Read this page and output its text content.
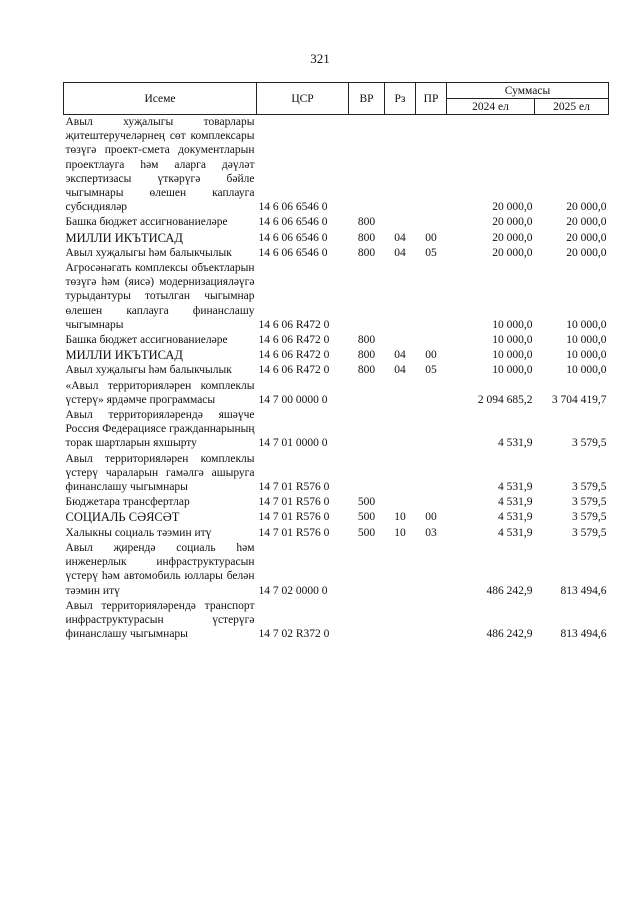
321
Исеме	ЦСР	ВР	Рз	ПР	Суммасы	
					2024 ел	2025 ел
Авыл хуҗалыгы товарлары җитештеручеләрнең сөт комплексары төзүгә проект-смета документларын проектлауга һәм аларга дәүләт экспертизасы үткәрүгә бәйле чыгымнары өлешен каплауга субсидияләр	14 6 06 6546 0				20 000,0	20 000,0
Башка бюджет ассигнованиеләре	14 6 06 6546 0	800			20 000,0	20 000,0
МИЛЛИ ИКЪТИСАД	14 6 06 6546 0	800	04	00	20 000,0	20 000,0
Авыл хуҗалыгы һәм балыкчылык	14 6 06 6546 0	800	04	05	20 000,0	20 000,0
Агросәнәгать комплексы объектларын төзүгә һәм (яисә) модернизацияләүгә турыдантуры тотылган чыгымнар өлешен каплауга финанслашу чыгымнары	14 6 06 R472 0				10 000,0	10 000,0
Башка бюджет ассигнованиеләре	14 6 06 R472 0	800			10 000,0	10 000,0
МИЛЛИ ИКЪТИСАД	14 6 06 R472 0	800	04	00	10 000,0	10 000,0
Авыл хуҗалыгы һәм балыкчылык	14 6 06 R472 0	800	04	05	10 000,0	10 000,0
«Авыл территорияләрен комплеклы үстерү» ярдәмче программасы	14 7 00 0000 0				2 094 685,2	3 704 419,7
Авыл территорияләрендә яшәүче Россия Федерациясе гражданнарының торак шартларын яхшырту	14 7 01 0000 0				4 531,9	3 579,5
Авыл территорияләрен комплеклы үстерү чараларын гамәлгә ашыруга финанслашу чыгымнары	14 7 01 R576 0				4 531,9	3 579,5
Бюджетара трансфертлар	14 7 01 R576 0	500			4 531,9	3 579,5
СОЦИАЛЬ СӘЯСӘТ	14 7 01 R576 0	500	10	00	4 531,9	3 579,5
Халыкны социаль тәэмин итү	14 7 01 R576 0	500	10	03	4 531,9	3 579,5
Авыл җирендә социаль һәм инженерлык инфраструктурасын үстерү һәм автомобиль юллары белән тәэмин итү	14 7 02 0000 0				486 242,9	813 494,6
Авыл территорияләрендә транспорт инфраструктурасын үстерүгә финанслашу чыгымнары	14 7 02 R372 0				486 242,9	813 494,6
